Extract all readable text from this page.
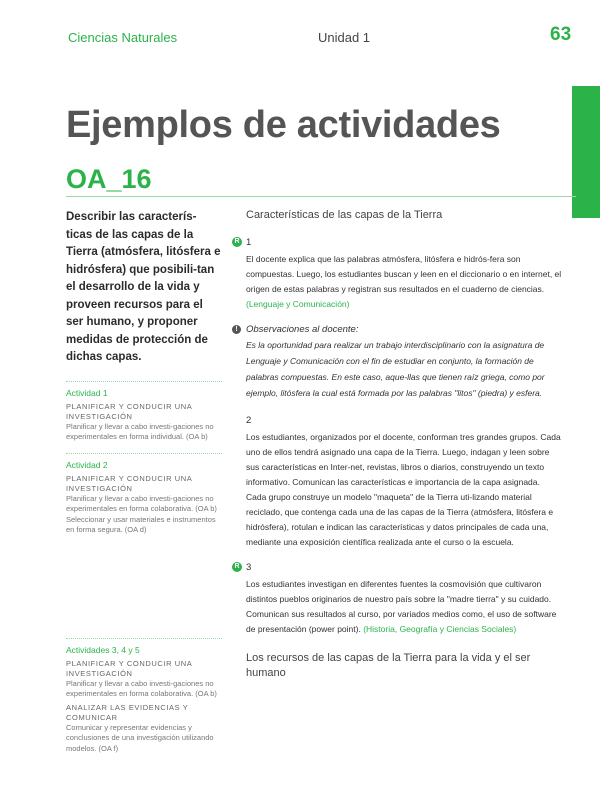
Ciencias Naturales	Unidad 1	63
Ejemplos de actividades
OA_16

Describir las caracterís-ticas de las capas de la Tierra (atmósfera, litósfera e hidrósfera) que posibili-tan el desarrollo de la vida y proveen recursos para el ser humano, y proponer medidas de protección de dichas capas.

Actividad 1
PLANIFICAR Y CONDUCIR UNA INVESTIGACIÓN
Planificar y llevar a cabo investi-gaciones no experimentales en forma individual. (OA b)
Actividad 2
PLANIFICAR Y CONDUCIR UNA INVESTIGACIÓN
Planificar y llevar a cabo investi-gaciones no experimentales en forma colaborativa. (OA b) Seleccionar y usar materiales e instrumentos en forma segura. (OA d)
Actividades 3, 4 y 5
PLANIFICAR Y CONDUCIR UNA INVESTIGACIÓN
Planificar y llevar a cabo investi-gaciones no experimentales en forma colaborativa. (OA b)
ANALIZAR LAS EVIDENCIAS Y COMUNICAR
Comunicar y representar evidencias y conclusiones de una investigación utilizando modelos. (OA f)

Características de las capas de la Tierra

R 1

El docente explica que las palabras atmósfera, litósfera e hidrós-fera son compuestas. Luego, los estudiantes buscan y leen en el diccionario o en internet, el origen de estas palabras y registran sus resultados en el cuaderno de ciencias. (Lenguaje y Comunicación)

! Observaciones al docente:

Es la oportunidad para realizar un trabajo interdisciplinario con la asignatura de Lenguaje y Comunicación con el fin de estudiar en conjunto, la formación de palabras compuestas. En este caso, aque-llas que tienen raíz griega, como por ejemplo, litósfera la cual está formada por las palabras "litos" (piedra) y esfera.

2

Los estudiantes, organizados por el docente, conforman tres grandes grupos. Cada uno de ellos tendrá asignado una capa de la Tierra. Luego, indagan y leen sobre sus características en Inter-net, revistas, libros o diarios, construyendo un texto informativo. Comunican las características e importancia de la capa asignada. Cada grupo construye un modelo "maqueta" de la Tierra uti-lizando material reciclado, que contenga cada una de las capas de la Tierra (atmósfera, litósfera e hidrósfera), rotulan e indican las características y datos principales de cada una, mediante una exposición científica realizada ante el curso o la escuela.

R 3

Los estudiantes investigan en diferentes fuentes la cosmovisión que cultivaron distintos pueblos originarios de nuestro país sobre la "madre tierra" y su cuidado. Comunican sus resultados al curso, por variados medios como, el uso de software de presentación (power point). (Historia, Geografía y Ciencias Sociales)

Los recursos de las capas de la Tierra para la vida y el ser humano
